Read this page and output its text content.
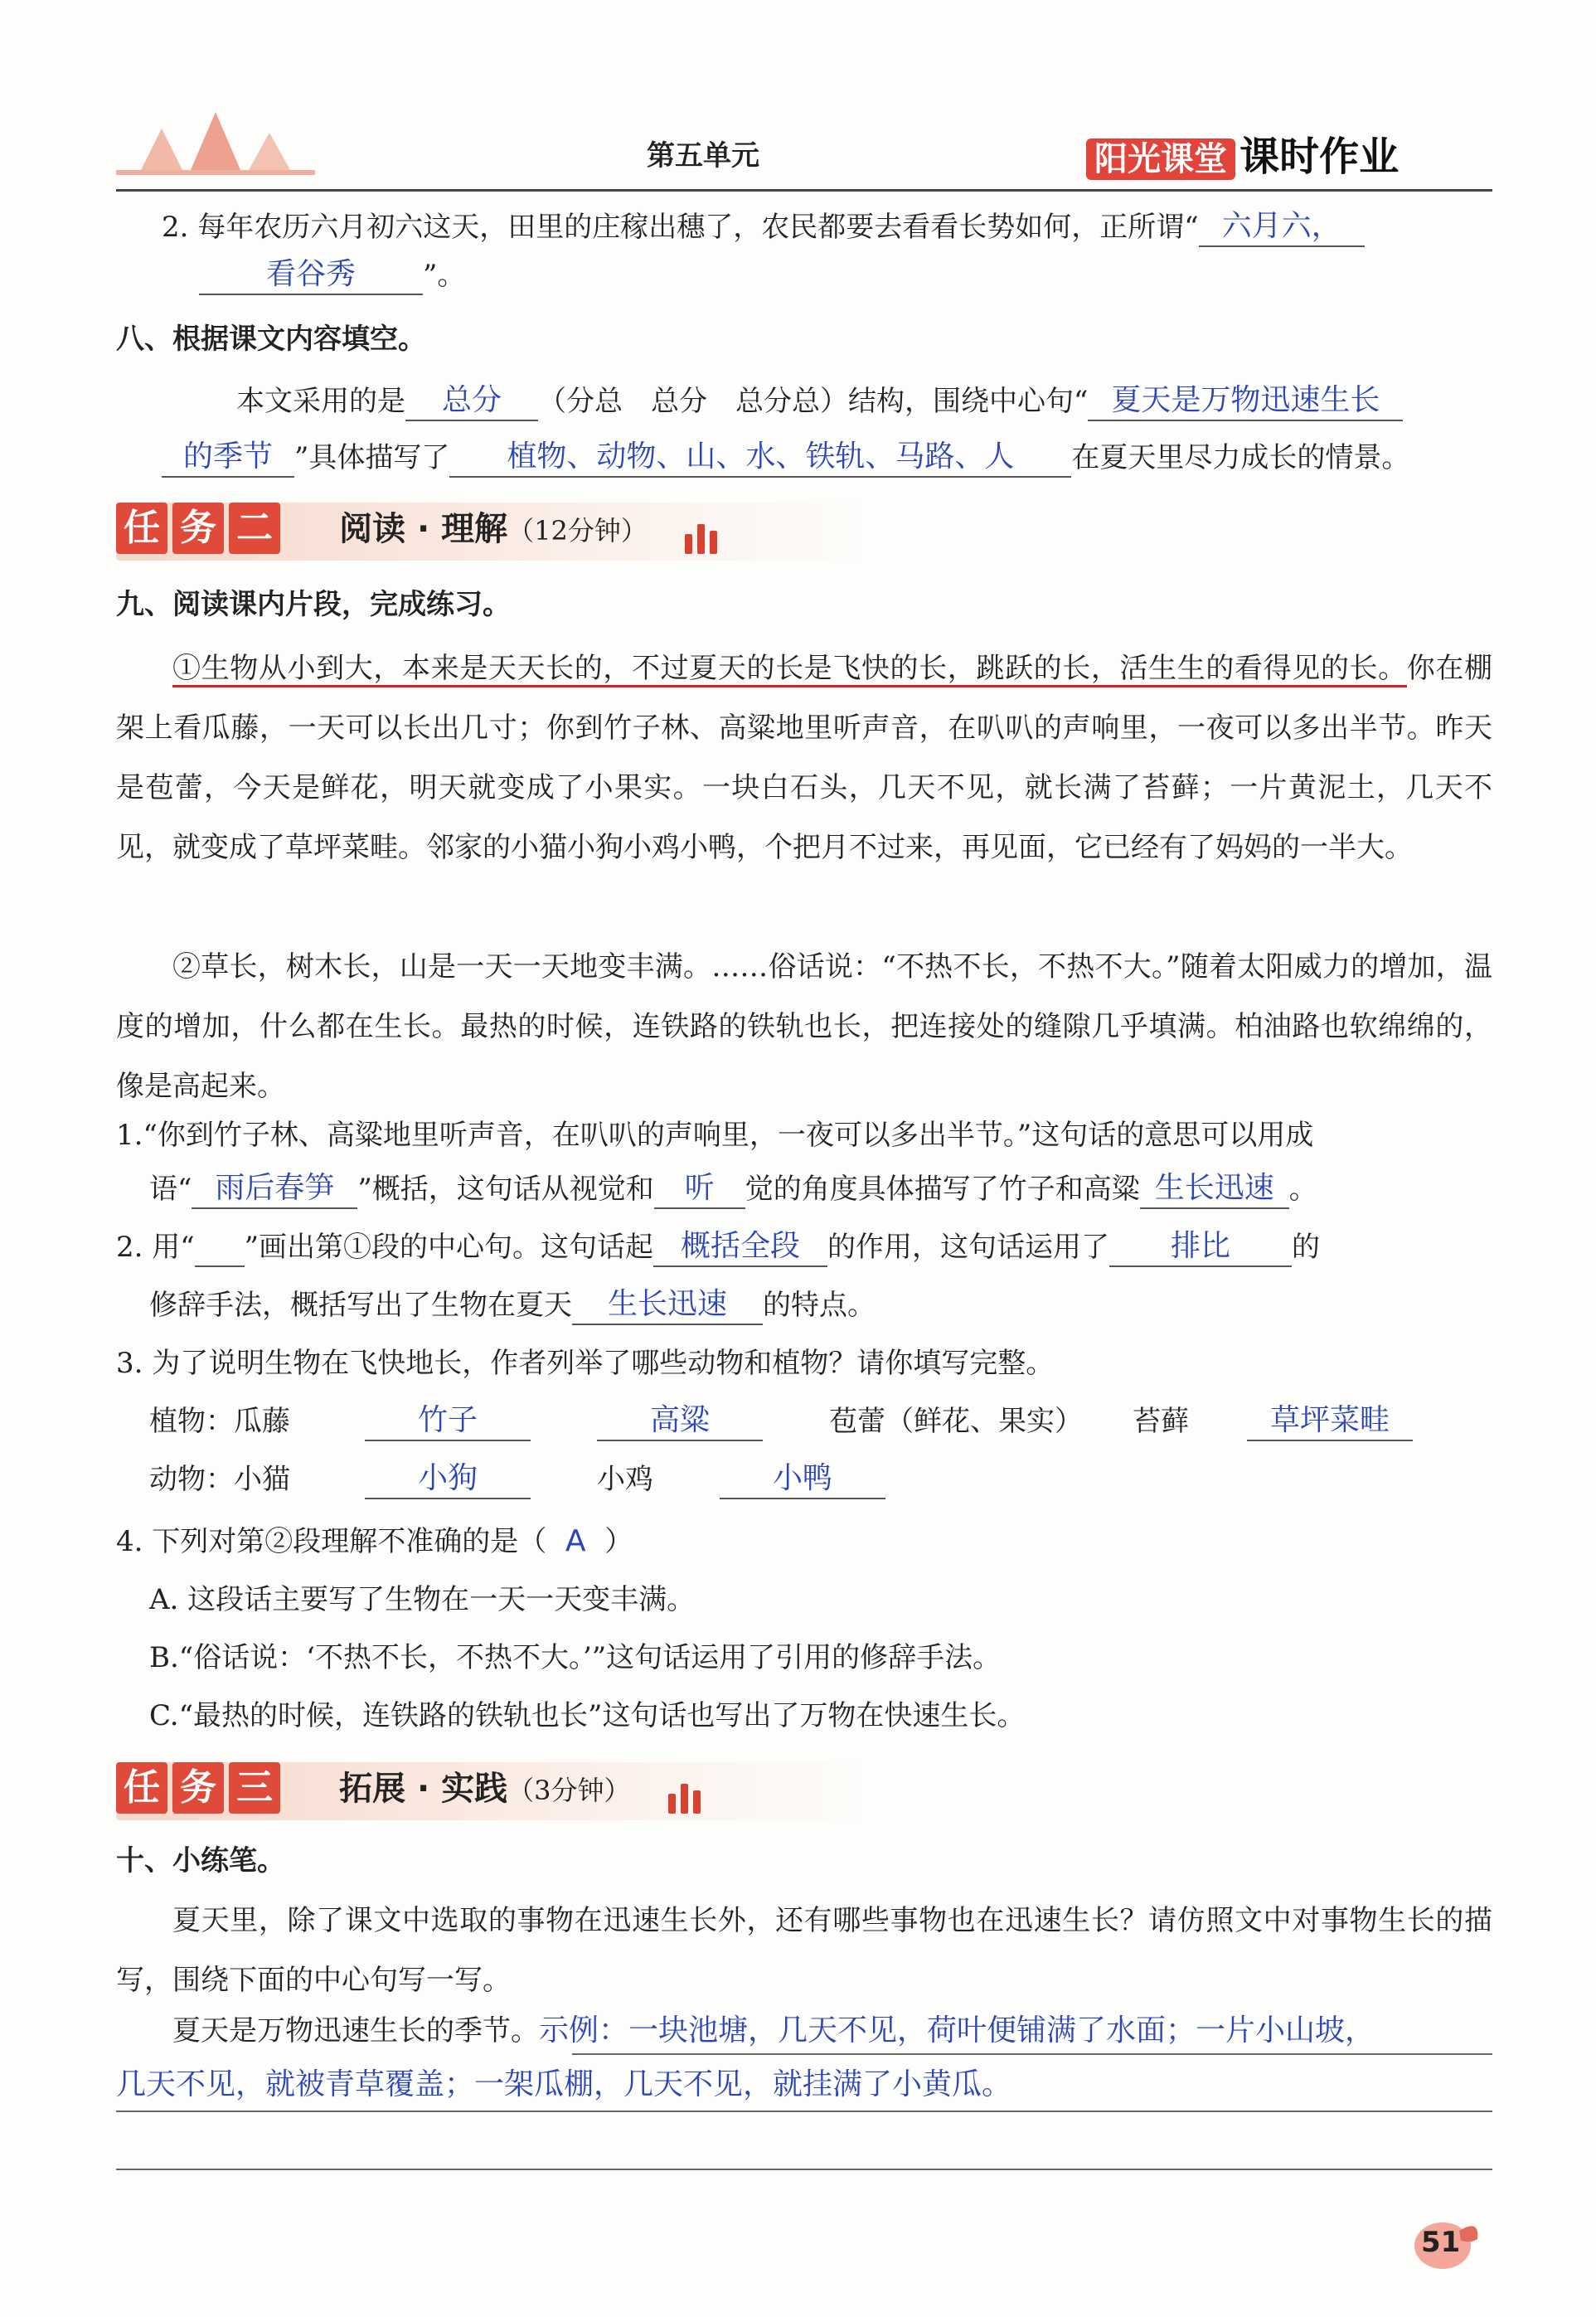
第五单元	阳光课堂 课时作业
2. 每年农历六月初六这天，田里的庄稼出穗了，农民都要去看看长势如何，正所谓“ 六月六，
看谷秀 ”。
八、根据课文内容填空。
本文采用的是 总分 （分总　总分　总分总）结构，围绕中心句“ 夏天是万物迅速生长
的季节 ”具体描写了 植物、动物、山、水、铁轨、马路、人 在夏天里尽力成长的情景。
任 务 二 阅读 · 理解（12分钟）
九、阅读课内片段，完成练习。
①生物从小到大，本来是天天长的，不过夏天的长是飞快的长，跳跃的长，活生生的看得见的长。你在棚架上看瓜藤，一天可以长出几寸；你到竹子林、高粱地里听声音，在叭叭的声响里，一夜可以多出半节。昨天是苞蕾，今天是鲜花，明天就变成了小果实。一块白石头，几天不见，就长满了苔藓；一片黄泥土，几天不见，就变成了草坪菜畦。邻家的小猫小狗小鸡小鸭，个把月不过来，再见面，它已经有了妈妈的一半大。
②草长，树木长，山是一天一天地变丰满。……俗话说：“不热不长，不热不大。”随着太阳威力的增加，温度的增加，什么都在生长。最热的时候，连铁路的铁轨也长，把连接处的缝隙几乎填满。柏油路也软绵绵的，像是高起来。
1.“你到竹子林、高粱地里听声音，在叭叭的声响里，一夜可以多出半节。”这句话的意思可以用成
语“ 雨后春笋 ”概括，这句话从视觉和 听 觉的角度具体描写了竹子和高粱 生长迅速 。
2. 用“ ”画出第①段的中心句。这句话起 概括全段 的作用，这句话运用了 排比 的
修辞手法，概括写出了生物在夏天 生长迅速 的特点。
3. 为了说明生物在飞快地长，作者列举了哪些动物和植物？请你填写完整。
植物：瓜藤	竹子	高粱	苞蕾（鲜花、果实） 苔藓	草坪菜畦
动物：小猫	小狗	小鸡	小鸭
4. 下列对第②段理解不准确的是（ A ）
A. 这段话主要写了生物在一天一天变丰满。
B.“俗话说：‘不热不长，不热不大。’”这句话运用了引用的修辞手法。
C.“最热的时候，连铁路的铁轨也长”这句话也写出了万物在快速生长。
任 务 三 拓展 · 实践（3分钟）
十、小练笔。
夏天里，除了课文中选取的事物在迅速生长外，还有哪些事物也在迅速生长？请仿照文中对事物生长的描写，围绕下面的中心句写一写。
夏天是万物迅速生长的季节。示例：一块池塘，几天不见，荷叶便铺满了水面；一片小山坡，
几天不见，就被青草覆盖；一架瓜棚，几天不见，就挂满了小黄瓜。
51
